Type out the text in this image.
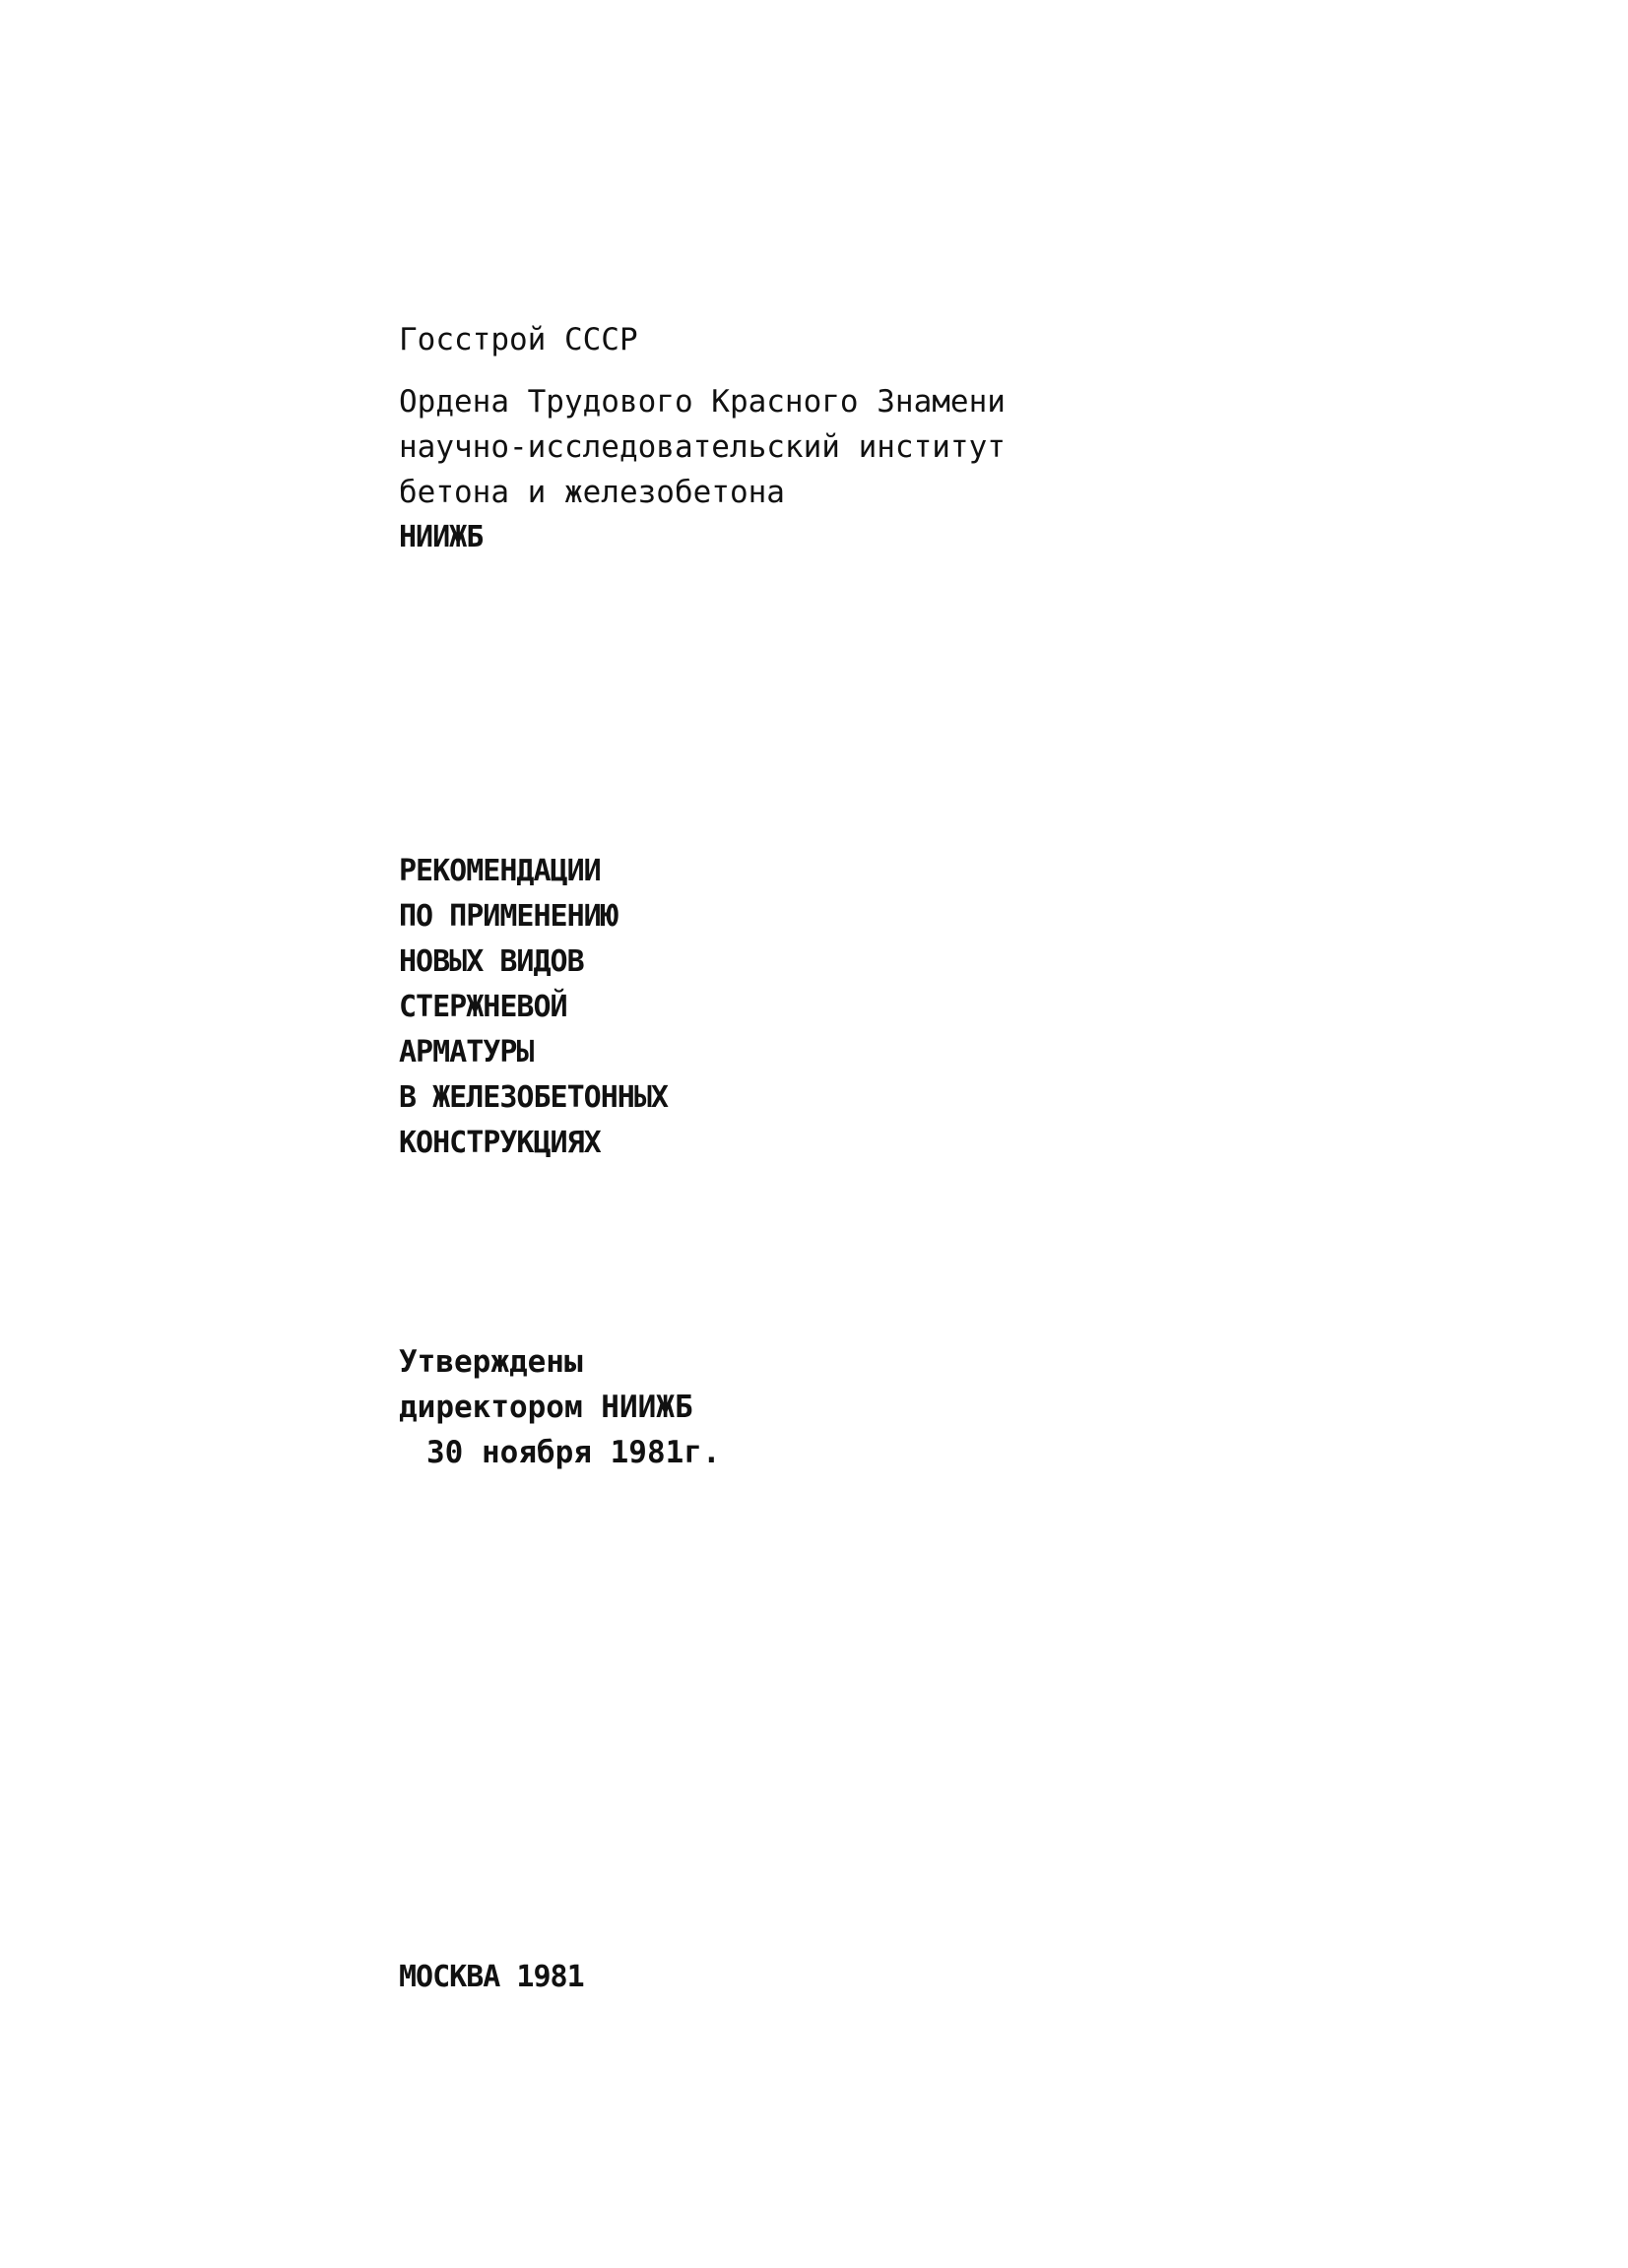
Госстрой СССР
Ордена Трудового Красного Знамени
научно-исследовательский институт
бетона и железобетона
НИИЖБ
РЕКОМЕНДАЦИИ
ПО ПРИМЕНЕНИЮ
НОВЫХ ВИДОВ
СТЕРЖНЕВОЙ
АРМАТУРЫ
В ЖЕЛЕЗОБЕТОННЫХ
КОНСТРУКЦИЯХ
Утверждены
директором НИИЖБ
30 ноября 1981г.
МОСКВА 1981
